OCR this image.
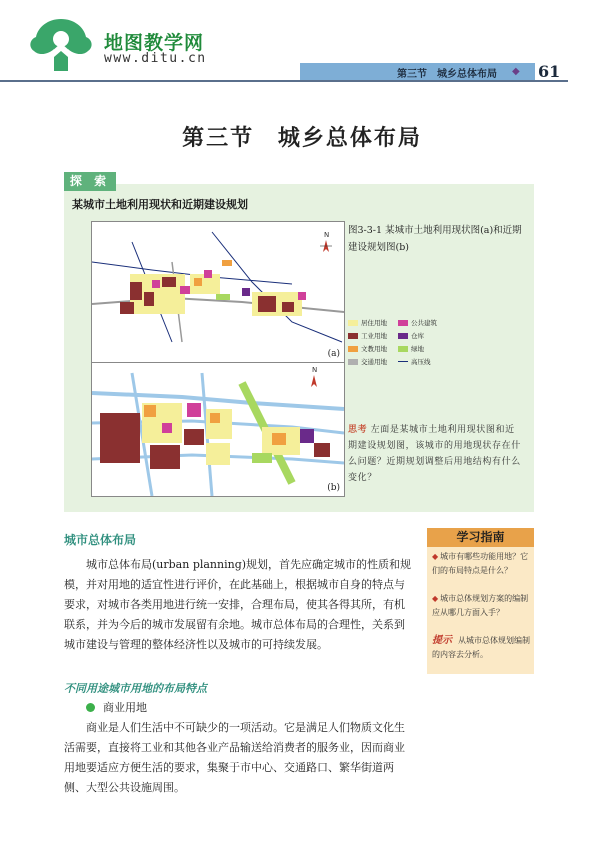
地图教学网
www.ditu.cn
第三节　城乡总体布局 ◆ 61
第三节 城乡总体布局
探 索
某城市土地利用现状和近期建设规划
N
(a)
N
(b)
图3-3-1 某城市土地利用现状图(a)和近期建设规划图(b)
居住用地	公共建筑
工业用地	仓库
文教用地	绿地
交通用地	高压线
思考 左面是某城市土地利用现状图和近期建设规划图，该城市的用地现状存在什么问题？近期规划调整后用地结构有什么变化？
城市总体布局
城市总体布局(urban planning)规划，首先应确定城市的性质和规模，并对用地的适宜性进行评价，在此基础上，根据城市自身的特点与要求，对城市各类用地进行统一安排，合理布局，使其各得其所，有机联系，并为今后的城市发展留有余地。城市总体布局的合理性，关系到城市建设与管理的整体经济性以及城市的可持续发展。
不同用途城市用地的布局特点
商业用地
商业是人们生活中不可缺少的一项活动。它是满足人们物质文化生活需要，直接将工业和其他各业产品输送给消费者的服务业，因而商业用地要适应方便生活的要求，集聚于市中心、交通路口、繁华街道两侧、大型公共设施周围。
学习指南
◆ 城市有哪些功能用地？它们的布局特点是什么？
◆ 城市总体规划方案的编制应从哪几方面入手？
提示 从城市总体规划编制的内容去分析。
